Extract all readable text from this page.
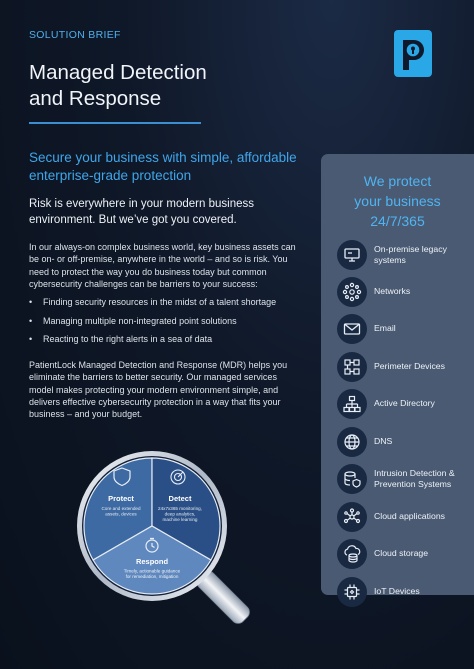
SOLUTION BRIEF
Managed Detection
and Response
Secure your business with simple, affordable enterprise-grade protection
Risk is everywhere in your modern business environment. But we’ve got you covered.
In our always-on complex business world, key business assets can be on- or off-premise, anywhere in the world – and so is risk. You need to protect the way you do business today but common cybersecurity challenges can be barriers to your success:
• Finding security resources in the midst of a talent shortage
• Managing multiple non-integrated point solutions
• Reacting to the right alerts in a sea of data
PatientLock Managed Detection and Response (MDR) helps you eliminate the barriers to better security. Our managed services model makes protecting your modern environment simple, and delivers effective cybersecurity protection in a way that fits your business – and your budget.
We protect
your business
24/7/365
On-premise legacy systems
Networks
Email
Perimeter Devices
Active Directory
DNS
Intrusion Detection & Prevention Systems
Cloud applications
Cloud storage
IoT Devices
Protect
Core and extended
assets, devices
Detect
24x7x365 monitoring,
deep analytics,
machine learning
Respond
Timely, actionable guidance
for remediation, mitigation
